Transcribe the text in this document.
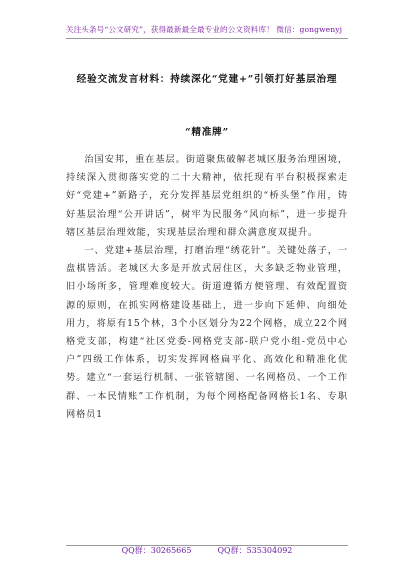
关注头条号“公文研究”，获得最新最全最专业的公文资料库！ 微信：gongwenyj
经验交流发言材料：持续深化“党建+”引领打好基层治理
“精准牌”

治国安邦，重在基层。街道聚焦破解老城区服务治理困境，持续深入贯彻落实党的二十大精神，依托现有平台积极探索走好“党建+”新路子，充分发挥基层党组织的“桥头堡”作用，铸好基层治理“公开讲话”，树牢为民服务“风向标”，进一步提升辖区基层治理效能，实现基层治理和群众满意度双提升。

一、党建+基层治理，打磨治理“绣花针”。关键处落子，一盘棋皆活。老城区大多是开放式居住区，大多缺乏物业管理，旧小场所多，管理难度较大。街道遵循方便管理、有效配置资源的原则，在抓实网格建设基础上，进一步向下延伸、向细处用力，将原有15个林，3个小区划分为22个网格，成立22个网格党支部，构建“社区党委-网格党支部-联户党小组-党员中心户”四级工作体系，切实发挥网格扁平化、高效化和精准化优势。建立“一套运行机制、一张管辖图、一名网格员、一个工作群、一本民情账”工作机制，为每个网格配备网格长1名、专职网格员1

QQ群：30265665	QQ群：535304092
